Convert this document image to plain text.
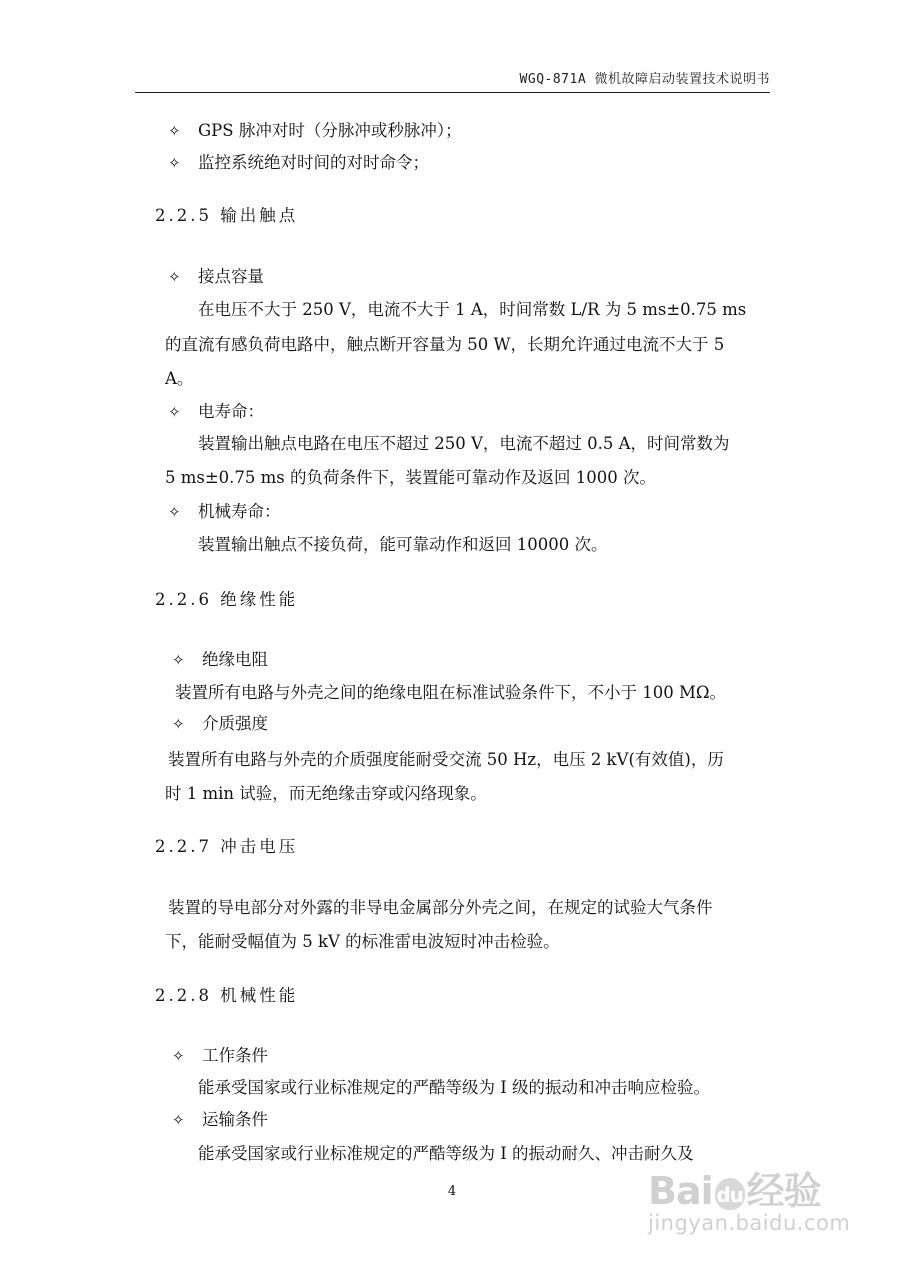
WGQ-871A 微机故障启动装置技术说明书
✧ GPS 脉冲对时（分脉冲或秒脉冲）；
✧ 监控系统绝对时间的对时命令；
2.2.5 输出触点
✧ 接点容量
在电压不大于 250 V，电流不大于 1 A，时间常数 L/R 为 5 ms±0.75 ms
的直流有感负荷电路中，触点断开容量为 50 W，长期允许通过电流不大于 5
A。
✧ 电寿命：
装置输出触点电路在电压不超过 250 V，电流不超过 0.5 A，时间常数为
5 ms±0.75 ms 的负荷条件下，装置能可靠动作及返回 1000 次。
✧ 机械寿命：
装置输出触点不接负荷，能可靠动作和返回 10000 次。
2.2.6 绝缘性能
✧ 绝缘电阻
装置所有电路与外壳之间的绝缘电阻在标准试验条件下，不小于 100 MΩ。
✧ 介质强度
装置所有电路与外壳的介质强度能耐受交流 50 Hz，电压 2 kV(有效值)，历
时 1 min 试验，而无绝缘击穿或闪络现象。
2.2.7 冲击电压
装置的导电部分对外露的非导电金属部分外壳之间，在规定的试验大气条件
下，能耐受幅值为 5 kV 的标准雷电波短时冲击检验。
2.2.8 机械性能
✧ 工作条件
能承受国家或行业标准规定的严酷等级为 Ⅰ 级的振动和冲击响应检验。
✧ 运输条件
能承受国家或行业标准规定的严酷等级为 Ⅰ 的振动耐久、冲击耐久及
4	Bai du经验
jingyan.baidu.com
